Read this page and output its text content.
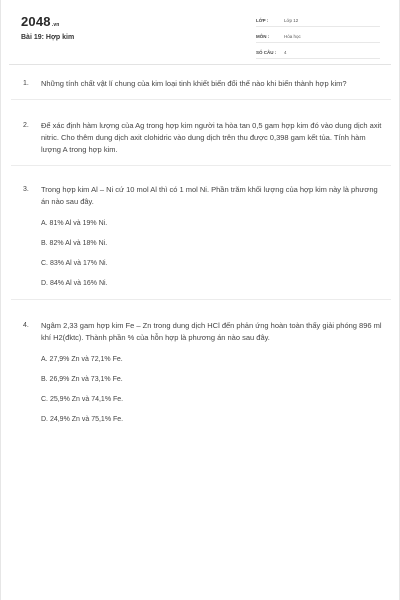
2048.vn
Bài 19: Hợp kim
LỚP :	Lớp 12
MÔN :	Hóa học
SỐ CÂU :	4
1. Những tính chất vật lí chung của kim loại tinh khiết biến đổi thế nào khi biến thành hợp kim?
2. Để xác định hàm lượng của Ag trong hợp kim người ta hòa tan 0,5 gam hợp kim đó vào dung dịch axit nitric. Cho thêm dung dịch axit clohidric vào dung dịch trên thu được 0,398 gam kết tủa. Tính hàm lượng A trong hợp kim.
3. Trong hợp kim Al – Ni cứ 10 mol Al thì có 1 mol Ni. Phần trăm khối lượng của hợp kim này là phương án nào sau đây.
A. 81% Al và 19% Ni.
B. 82% Al và 18% Ni.
C. 83% Al và 17% Ni.
D. 84% Al và 16% Ni.
4. Ngâm 2,33 gam hợp kim Fe – Zn trong dung dịch HCl đến phản ứng hoàn toàn thấy giải phóng 896 ml khí H2(đktc). Thành phần % của hỗn hợp là phương án nào sau đây.
A. 27,9% Zn và 72,1% Fe.
B. 26,9% Zn và 73,1% Fe.
C. 25,9% Zn và 74,1% Fe.
D. 24,9% Zn và 75,1% Fe.
